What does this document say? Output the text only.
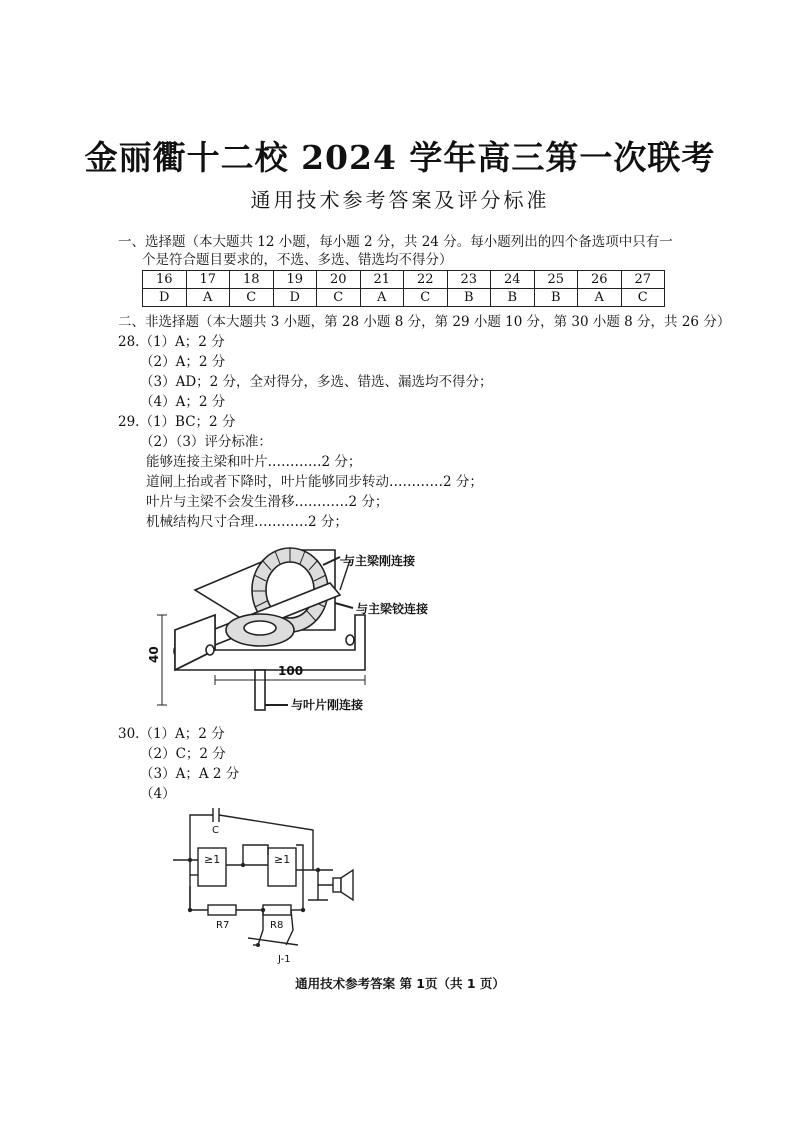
金丽衢十二校 2024 学年高三第一次联考
通用技术参考答案及评分标准
一、选择题（本大题共 12 小题，每小题 2 分，共 24 分。每小题列出的四个备选项中只有一
个是符合题目要求的，不选、多选、错选均不得分）
16	17	18	19	20	21	22	23	24	25	26	27
D	A	C	D	C	A	C	B	B	B	A	C
二、非选择题（本大题共 3 小题，第 28 小题 8 分，第 29 小题 10 分，第 30 小题 8 分，共 26 分）
28.（1）A；2 分
（2）A；2 分
（3）AD；2 分，全对得分，多选、错选、漏选均不得分；
（4）A；2 分
29.（1）BC；2 分
（2）（3）评分标准：
能够连接主梁和叶片…………2 分；
道闸上抬或者下降时，叶片能够同步转动…………2 分；
叶片与主梁不会发生滑移…………2 分；
机械结构尺寸合理…………2 分；
与主梁刚连接
与主梁铰连接
与叶片刚连接
40
100
30.（1）A；2 分
（2）C；2 分
（3）A；A 2 分
（4）
C
≥1	≥1
R7	R8
J-1
通用技术参考答案 第 1页（共 1 页）
